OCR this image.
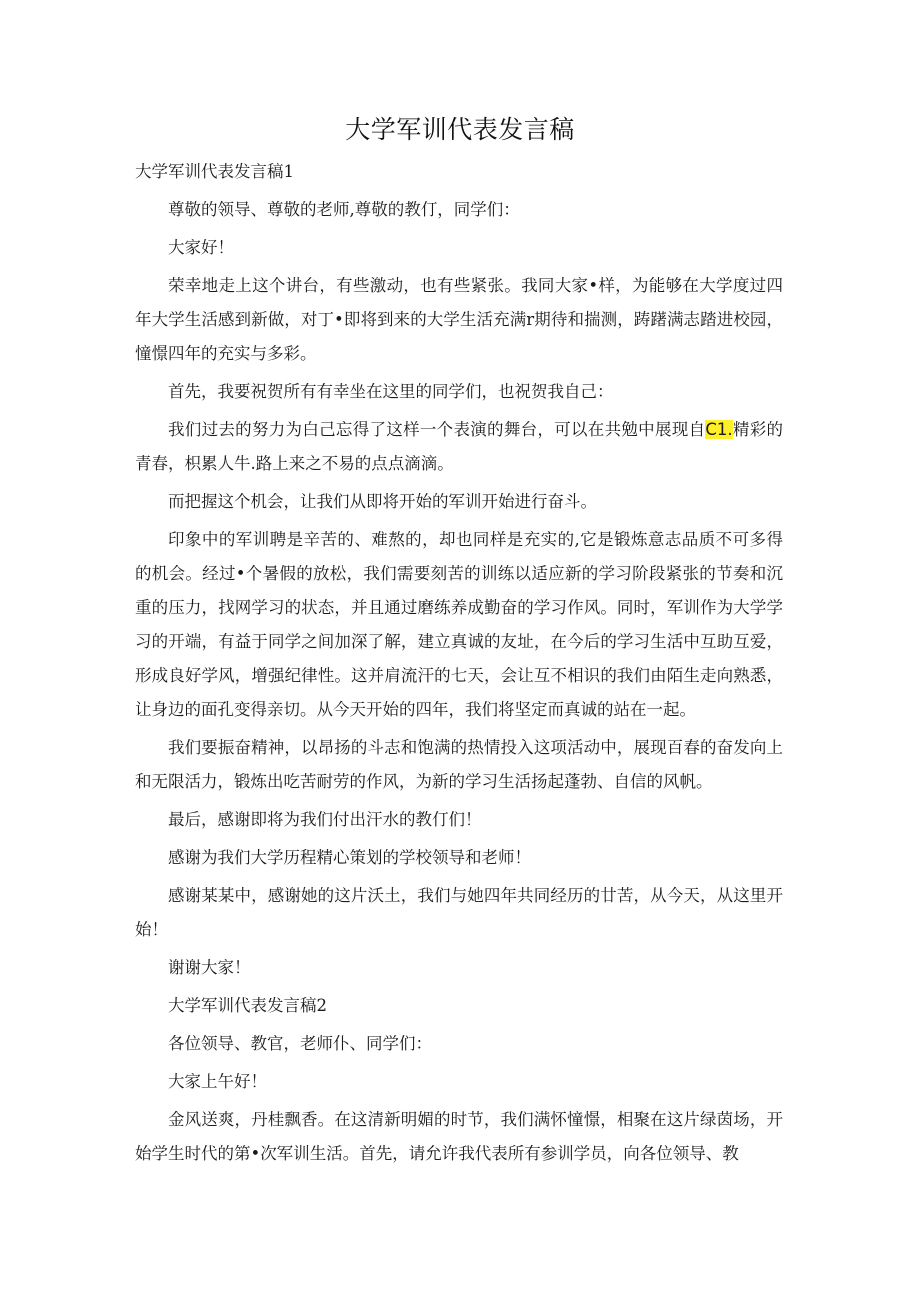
大学军训代表发言稿

大学军训代表发言稿1

尊敬的领导、尊敬的老师,尊敬的教仃，同学们：

大家好！

荣幸地走上这个讲台，有些激动，也有些紧张。我同大家•样，为能够在大学度过四年大学生活感到新做，对丁•即将到来的大学生活充满r期待和揣测，踌躇满志踏进校园，憧憬四年的充实与多彩。

首先，我要祝贺所有有幸坐在这里的同学们，也祝贺我自己：

我们过去的努力为白己忘得了这样一个表演的舞台，可以在共勉中展现自C1.精彩的青春，枳累人牛.路上来之不易的点点滴滴。

而把握这个机会，让我们从即将开始的军训开始进行奋斗。

印象中的军训聘是辛苦的、难熬的，却也同样是充实的,它是锻炼意志品质不可多得的机会。经过•个暑假的放松，我们需要刻苦的训练以适应新的学习阶段紧张的节奏和沉重的压力，找网学习的状态，并且通过磨练养成勤奋的学习作风。同时，军训作为大学学习的开端，有益于同学之间加深了解，建立真诚的友址，在今后的学习生活中互助互爱，形成良好学风，增强纪律性。这并肩流汗的七天，会让互不相识的我们由陌生走向熟悉，让身边的面孔变得亲切。从今天开始的四年，我们将坚定而真诚的站在一起。

我们要振奋精神，以昂扬的斗志和饱满的热情投入这项活动中，展现百春的奋发向上和无限活力，锻炼出吃苦耐劳的作风，为新的学习生活扬起蓬勃、自信的风帆。

最后，感谢即将为我们付出汗水的教仃们！

感谢为我们大学历程精心策划的学校领导和老师！

感谢某某中，感谢她的这片沃土，我们与她四年共同经历的廿苦，从今天，从这里开始！

谢谢大家！

大学军训代表发言稿2

各位领导、教官，老师仆、同学们：

大家上午好！

金风送爽，丹桂飘香。在这清新明媚的时节，我们满怀憧憬，相聚在这片绿茵场，开始学生时代的第•次军训生活。首先，请允许我代表所有参训学员，向各位领导、教
